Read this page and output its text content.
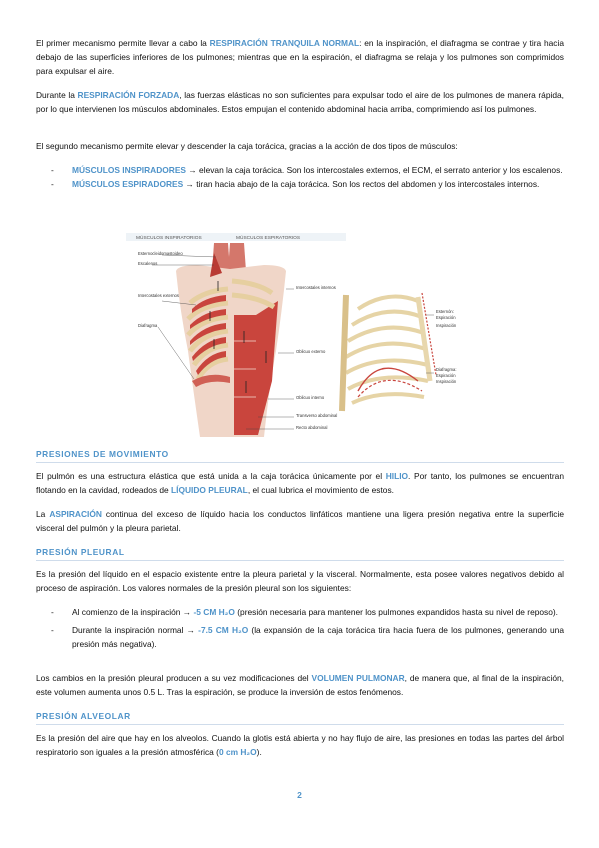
El primer mecanismo permite llevar a cabo la RESPIRACIÓN TRANQUILA NORMAL: en la inspiración, el diafragma se contrae y tira hacia debajo de las superficies inferiores de los pulmones; mientras que en la espiración, el diafragma se relaja y los pulmones son comprimidos para expulsar el aire.

Durante la RESPIRACIÓN FORZADA, las fuerzas elásticas no son suficientes para expulsar todo el aire de los pulmones de manera rápida, por lo que intervienen los músculos abdominales. Estos empujan el contenido abdominal hacia arriba, comprimiendo así los pulmones.

El segundo mecanismo permite elevar y descender la caja torácica, gracias a la acción de dos tipos de músculos:

- MÚSCULOS INSPIRADORES → elevan la caja torácica. Son los intercostales externos, el ECM, el serrato anterior y los escalenos.
- MÚSCULOS ESPIRADORES → tiran hacia abajo de la caja torácica. Son los rectos del abdomen y los intercostales internos.
MÚSCULOS INSPIRATORIOS	MÚSCULOS ESPIRATORIOS
Esternocleidomastoideo
Escalenos
Intercostales externos
Diafragma
Intercostales internos
Oblicuo externo
Oblicuo interno
Transverso abdominal
Recto abdominal
Esternón:
Espiración
Inspiración
Diafragma:
Espiración
Inspiración
PRESIONES DE MOVIMIENTO

El pulmón es una estructura elástica que está unida a la caja torácica únicamente por el HILIO. Por tanto, los pulmones se encuentran flotando en la cavidad, rodeados de LÍQUIDO PLEURAL, el cual lubrica el movimiento de estos.

La ASPIRACIÓN continua del exceso de líquido hacia los conductos linfáticos mantiene una ligera presión negativa entre la superficie visceral del pulmón y la pleura parietal.

PRESIÓN PLEURAL

Es la presión del líquido en el espacio existente entre la pleura parietal y la visceral. Normalmente, esta posee valores negativos debido al proceso de aspiración. Los valores normales de la presión pleural son los siguientes:

- Al comienzo de la inspiración → -5 CM H₂O (presión necesaria para mantener los pulmones expandidos hasta su nivel de reposo).
- Durante la inspiración normal → -7.5 CM H₂O (la expansión de la caja torácica tira hacia fuera de los pulmones, generando una presión más negativa).

Los cambios en la presión pleural producen a su vez modificaciones del VOLUMEN PULMONAR, de manera que, al final de la inspiración, este volumen aumenta unos 0.5 L. Tras la espiración, se produce la inversión de estos fenómenos.

PRESIÓN ALVEOLAR

Es la presión del aire que hay en los alveolos. Cuando la glotis está abierta y no hay flujo de aire, las presiones en todas las partes del árbol respiratorio son iguales a la presión atmosférica (0 cm H₂O).

2
